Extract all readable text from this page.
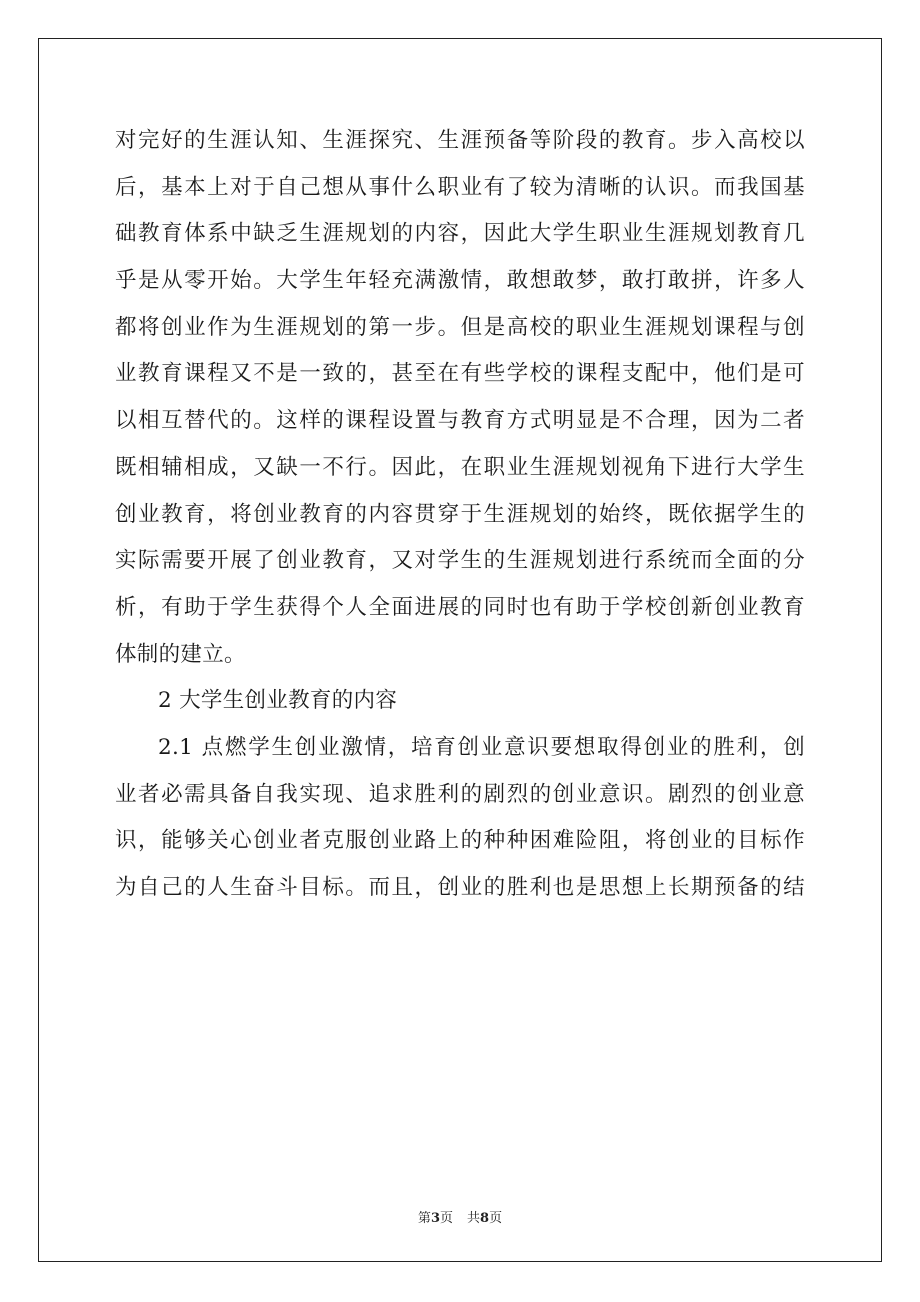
对完好的生涯认知、生涯探究、生涯预备等阶段的教育。步入高校以
后，基本上对于自己想从事什么职业有了较为清晰的认识。而我国基
础教育体系中缺乏生涯规划的内容，因此大学生职业生涯规划教育几
乎是从零开始。大学生年轻充满激情，敢想敢梦，敢打敢拼，许多人
都将创业作为生涯规划的第一步。但是高校的职业生涯规划课程与创
业教育课程又不是一致的，甚至在有些学校的课程支配中，他们是可
以相互替代的。这样的课程设置与教育方式明显是不合理，因为二者
既相辅相成，又缺一不行。因此，在职业生涯规划视角下进行大学生
创业教育，将创业教育的内容贯穿于生涯规划的始终，既依据学生的
实际需要开展了创业教育，又对学生的生涯规划进行系统而全面的分
析，有助于学生获得个人全面进展的同时也有助于学校创新创业教育
体制的建立。
2 大学生创业教育的内容
2.1 点燃学生创业激情，培育创业意识要想取得创业的胜利，创
业者必需具备自我实现、追求胜利的剧烈的创业意识。剧烈的创业意
识，能够关心创业者克服创业路上的种种困难险阻，将创业的目标作
为自己的人生奋斗目标。而且，创业的胜利也是思想上长期预备的结
第3页 共8页
